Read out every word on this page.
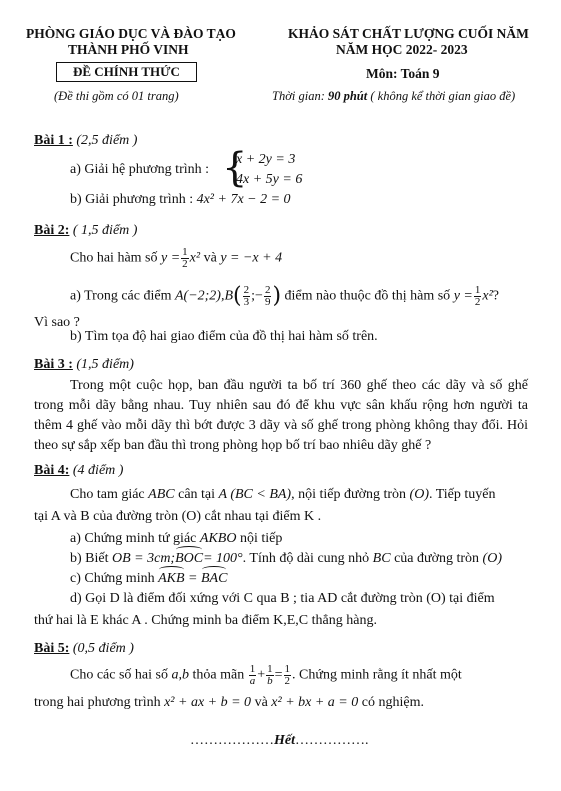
PHÒNG GIÁO DỤC VÀ ĐÀO TẠO
THÀNH PHỐ VINH
ĐỀ CHÍNH THỨC
(Đề thi gồm có 01 trang)
KHẢO SÁT CHẤT LƯỢNG CUỐI NĂM
NĂM HỌC 2022- 2023
Môn: Toán 9
Thời gian: 90 phút ( không kể thời gian giao đề)
Bài 1 : (2,5 điểm )
a) Giải hệ phương trình : {
x + 2y = 3
4x + 5y = 6
b) Giải phương trình : 4x² + 7x − 2 = 0
Bài 2: ( 1,5 điểm )
Cho hai hàm số $y = \frac{1}{2} x^2$ và y = −x + 4
a) Trong các điểm A(−2;2),B( $\frac{2}{3}$ ;− $\frac{2}{9}$ ) điểm nào thuộc đồ thị hàm số $y = \frac{1}{2} x^2$?
Vì sao ?
b) Tìm tọa độ hai giao điểm của đồ thị hai hàm số trên.
Bài 3 : (1,5 điểm)
Trong một cuộc họp, ban đầu người ta bố trí 360 ghế theo các dãy và số ghế trong mỗi dãy bằng nhau. Tuy nhiên sau đó để khu vực sân khấu rộng hơn người ta thêm 4 ghế vào mỗi dãy thì bớt được 3 dãy và số ghế trong phòng không thay đổi. Hỏi theo sự sắp xếp ban đầu thì trong phòng họp bố trí bao nhiêu dãy ghế ?
Bài 4: (4 điểm )
Cho tam giác ABC cân tại A (BC < BA), nội tiếp đường tròn (O). Tiếp tuyến
tại A và B của đường tròn (O) cắt nhau tại điểm K .
a) Chứng minh tứ giác AKBO nội tiếp
b) Biết OB = 3cm;BOC= 100°. Tính độ dài cung nhỏ BC của đường tròn (O)
c) Chứng minh AKB = BAC
d) Gọi D là điểm đối xứng với C qua B ; tia AD cắt đường tròn (O) tại điểm
thứ hai là E khác A . Chứng minh ba điểm K,E,C thẳng hàng.
Bài 5: (0,5 điểm )
Cho các số hai số a,b thỏa mãn $\frac{1}{a} + \frac{1}{b} = \frac{1}{2}$ . Chứng minh rằng ít nhất một
trong hai phương trình x² + ax + b = 0 và x² + bx + a = 0 có nghiệm.
………………Hết…………….
